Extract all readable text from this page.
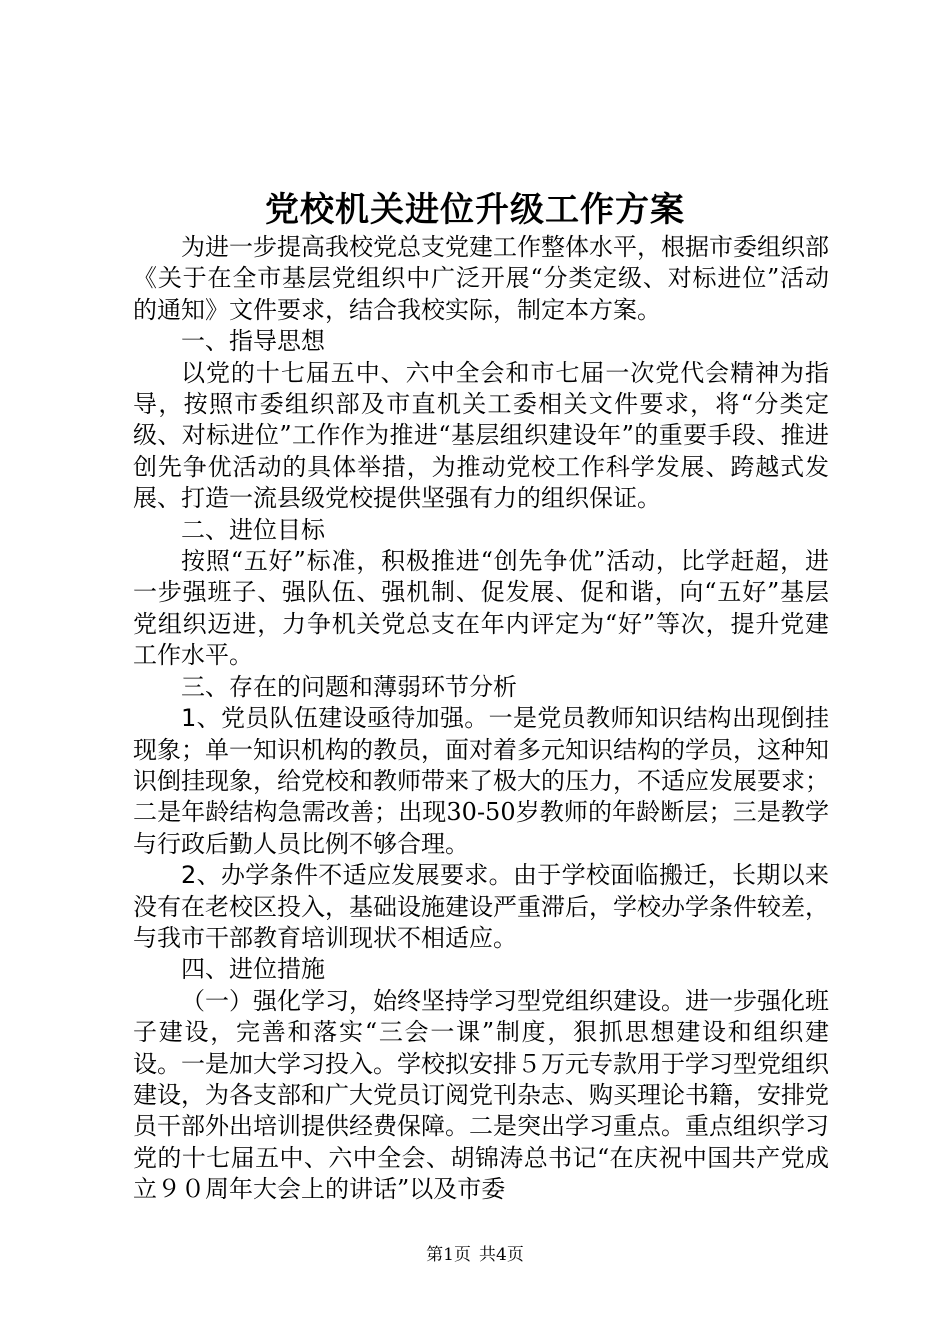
党校机关进位升级工作方案

为进一步提高我校党总支党建工作整体水平，根据市委组织部《关于在全市基层党组织中广泛开展“分类定级、对标进位”活动的通知》文件要求，结合我校实际，制定本方案。

一、指导思想

以党的十七届五中、六中全会和市七届一次党代会精神为指导，按照市委组织部及市直机关工委相关文件要求，将“分类定级、对标进位”工作作为推进“基层组织建设年”的重要手段、推进创先争优活动的具体举措，为推动党校工作科学发展、跨越式发展、打造一流县级党校提供坚强有力的组织保证。

二、进位目标

按照“五好”标准，积极推进“创先争优”活动，比学赶超，进一步强班子、强队伍、强机制、促发展、促和谐，向“五好”基层党组织迈进，力争机关党总支在年内评定为“好”等次，提升党建工作水平。

三、存在的问题和薄弱环节分析

1、党员队伍建设亟待加强。一是党员教师知识结构出现倒挂现象；单一知识机构的教员，面对着多元知识结构的学员，这种知识倒挂现象，给党校和教师带来了极大的压力，不适应发展要求；二是年龄结构急需改善；出现30-50岁教师的年龄断层；三是教学与行政后勤人员比例不够合理。

2、办学条件不适应发展要求。由于学校面临搬迁，长期以来没有在老校区投入，基础设施建设严重滞后，学校办学条件较差，与我市干部教育培训现状不相适应。

四、进位措施

（一）强化学习，始终坚持学习型党组织建设。进一步强化班子建设，完善和落实“三会一课”制度，狠抓思想建设和组织建设。一是加大学习投入。学校拟安排５万元专款用于学习型党组织建设，为各支部和广大党员订阅党刊杂志、购买理论书籍，安排党员干部外出培训提供经费保障。二是突出学习重点。重点组织学习党的十七届五中、六中全会、胡锦涛总书记“在庆祝中国共产党成立９０周年大会上的讲话”以及市委

第1页 共4页
